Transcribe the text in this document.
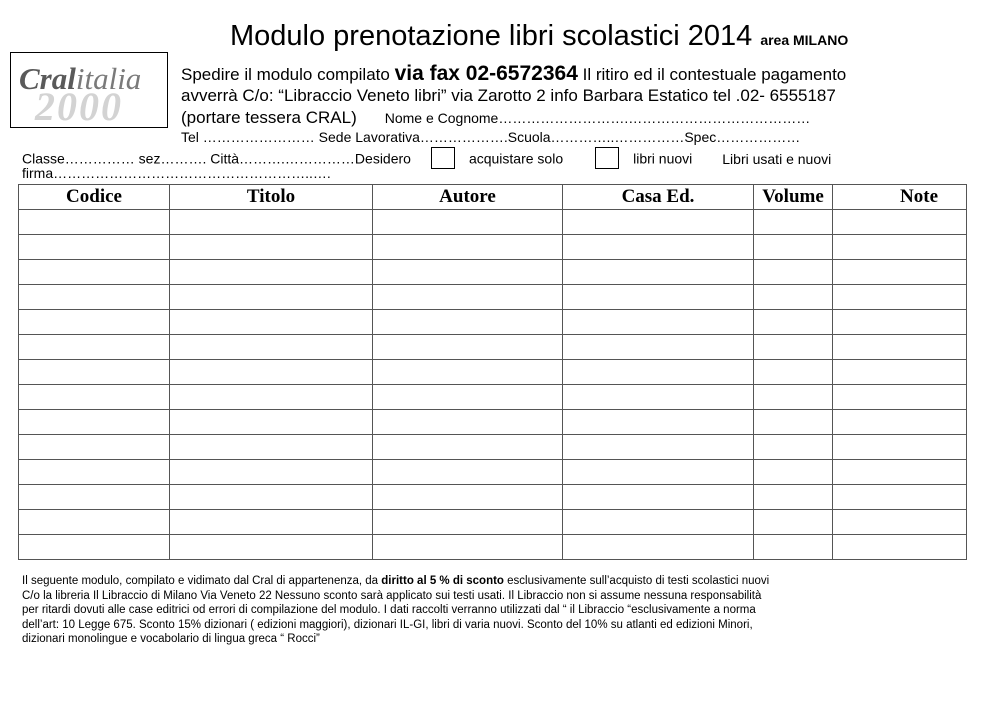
Modulo prenotazione libri scolastici 2014 area MILANO
2000
Cralitalia Spedire il modulo compilato via fax 02-6572364 Il ritiro ed il contestuale pagamento
avverrà C/o: “Libraccio Veneto libri” via Zarotto 2 info Barbara Estatico tel .02- 6555187
(portare tessera CRAL) Nome e Cognome……………………….…………………………………
Tel …………………… Sede Lavorativa……………….Scuola…………..……………Spec………………
Classe…………… sez………. Città……….……………Desidero	acquistare solo	libri nuovi Libri usati e nuovi
firma………………………………………………..….
Codice	Titolo	Autore	Casa Ed.	Volume	Note

Il seguente modulo, compilato e vidimato dal Cral di appartenenza, da diritto al 5 % di sconto esclusivamente sull’acquisto di testi scolastici nuovi

C/o la libreria Il Libraccio di Milano Via Veneto 22 Nessuno sconto sarà applicato sui testi usati. Il Libraccio non si assume nessuna responsabilità

per ritardi dovuti alle case editrici od errori di compilazione del modulo. I dati raccolti verranno utilizzati dal “ il Libraccio “esclusivamente a norma

dell’art: 10 Legge 675. Sconto 15% dizionari ( edizioni maggiori), dizionari IL-GI, libri di varia nuovi. Sconto del 10% su atlanti ed edizioni Minori,

dizionari monolingue e vocabolario di lingua greca “ Rocci”
